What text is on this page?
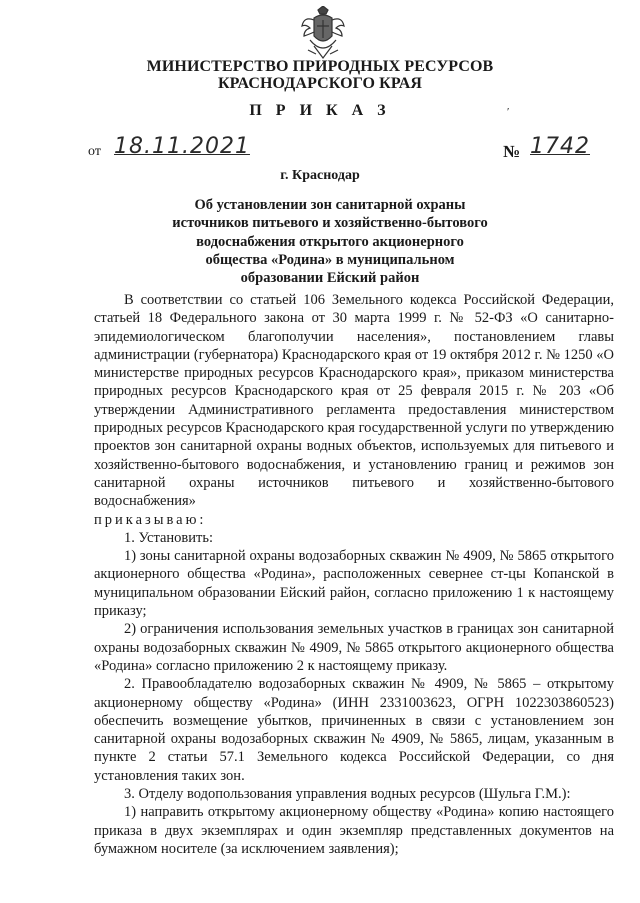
МИНИСТЕРСТВО ПРИРОДНЫХ РЕСУРСОВ
КРАСНОДАРСКОГО КРАЯ
П Р И К А З	′
от 18.11.2021	№ 1742
г. Краснодар
Об установлении зон санитарной охраны
источников питьевого и хозяйственно-бытового
водоснабжения открытого акционерного
общества «Родина» в муниципальном
образовании Ейский район

В соответствии со статьей 106 Земельного кодекса Российской Федерации, статьей 18 Федерального закона от 30 марта 1999 г. № 52-ФЗ «О санитарно-эпидемиологическом благополучии населения», постановлением главы администрации (губернатора) Краснодарского края от 19 октября 2012 г. № 1250 «О министерстве природных ресурсов Краснодарского края», приказом министерства природных ресурсов Краснодарского края от 25 февраля 2015 г. № 203 «Об утверждении Административного регламента предоставления министерством природных ресурсов Краснодарского края государственной услуги по утверждению проектов зон санитарной охраны водных объектов, используемых для питьевого и хозяйственно-бытового водоснабжения, и установлению границ и режимов зон санитарной охраны источников питьевого и хозяйственно-бытового водоснабжения»

приказываю:

1. Установить:

1) зоны санитарной охраны водозаборных скважин № 4909, № 5865 открытого акционерного общества «Родина», расположенных севернее ст-цы Копанской в муниципальном образовании Ейский район, согласно приложению 1 к настоящему приказу;

2) ограничения использования земельных участков в границах зон санитарной охраны водозаборных скважин № 4909, № 5865 открытого акционерного общества «Родина» согласно приложению 2 к настоящему приказу.

2. Правообладателю водозаборных скважин № 4909, № 5865 – открытому акционерному обществу «Родина» (ИНН 2331003623, ОГРН 1022303860523) обеспечить возмещение убытков, причиненных в связи с установлением зон санитарной охраны водозаборных скважин № 4909, № 5865, лицам, указанным в пункте 2 статьи 57.1 Земельного кодекса Российской Федерации, со дня установления таких зон.

3. Отделу водопользования управления водных ресурсов (Шульга Г.М.):

1) направить открытому акционерному обществу «Родина» копию настоящего приказа в двух экземплярах и один экземпляр представленных документов на бумажном носителе (за исключением заявления);
